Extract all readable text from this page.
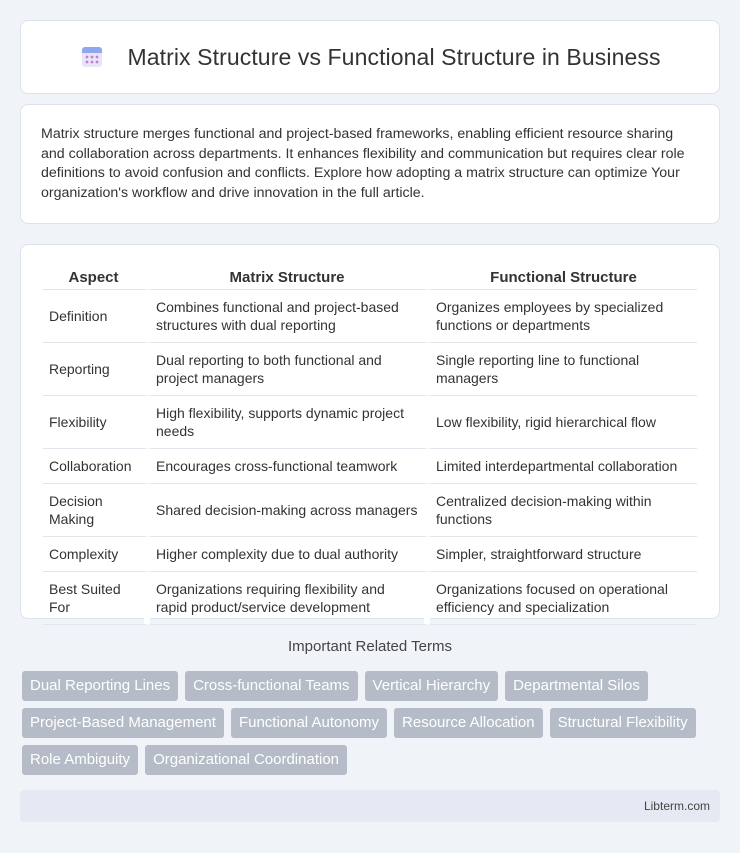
Matrix Structure vs Functional Structure in Business

Matrix structure merges functional and project-based frameworks, enabling efficient resource sharing and collaboration across departments. It enhances flexibility and communication but requires clear role definitions to avoid confusion and conflicts. Explore how adopting a matrix structure can optimize Your organization's workflow and drive innovation in the full article.

Aspect	Matrix Structure	Functional Structure
Definition	Combines functional and project-based structures with dual reporting	Organizes employees by specialized functions or departments
Reporting	Dual reporting to both functional and project managers	Single reporting line to functional managers
Flexibility	High flexibility, supports dynamic project needs	Low flexibility, rigid hierarchical flow
Collaboration	Encourages cross-functional teamwork	Limited interdepartmental collaboration
Decision Making	Shared decision-making across managers	Centralized decision-making within functions
Complexity	Higher complexity due to dual authority	Simpler, straightforward structure
Best Suited For	Organizations requiring flexibility and rapid product/service development	Organizations focused on operational efficiency and specialization
Important Related Terms
Dual Reporting Lines	Cross-functional Teams	Vertical Hierarchy	Departmental Silos
Project-Based Management	Functional Autonomy	Resource Allocation	Structural Flexibility
Role Ambiguity	Organizational Coordination
Libterm.com
